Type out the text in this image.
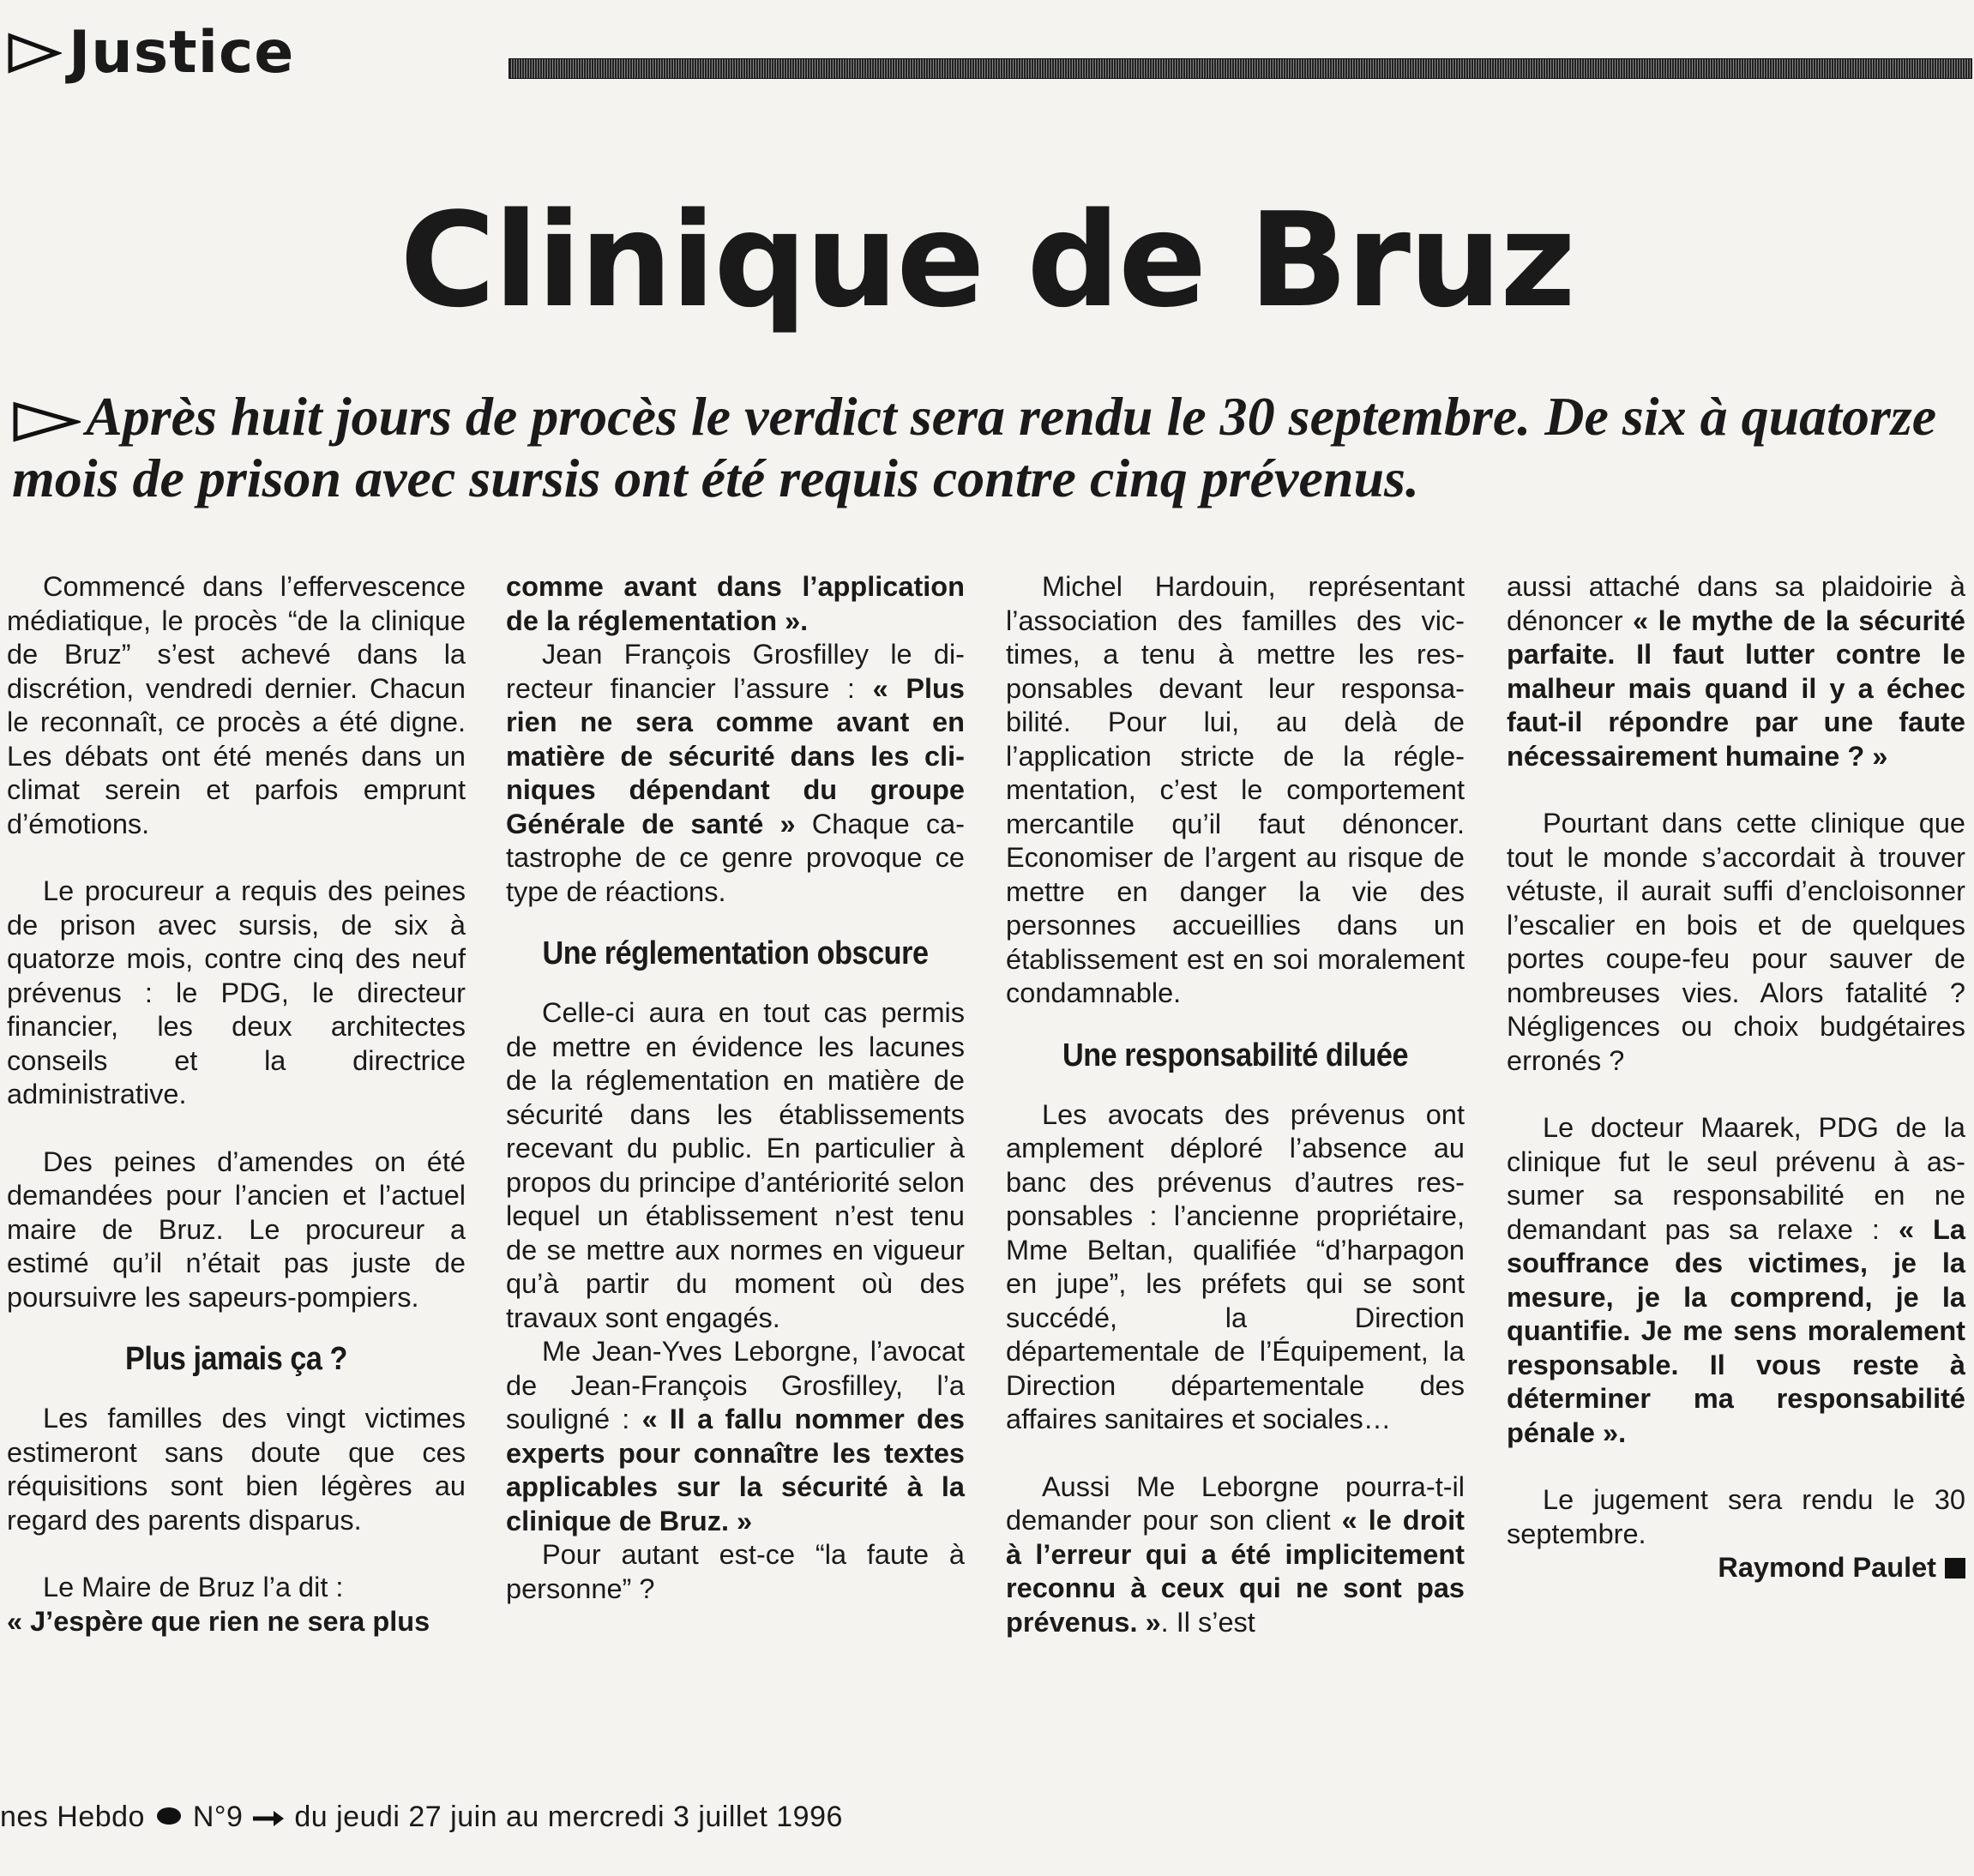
Justice
Clinique de Bruz
Après huit jours de procès le verdict sera rendu le 30 septembre. De six à quatorze mois de prison avec sursis ont été requis contre cinq prévenus.

Commencé dans l’effervescence médiatique, le procès “de la clinique de Bruz” s’est achevé dans la discrétion, vendredi dernier. Chacun le reconnaît, ce procès a été digne. Les débats ont été menés dans un climat serein et parfois emprunt d’émotions.

Le procureur a requis des peines de prison avec sursis, de six à quatorze mois, contre cinq des neuf prévenus : le PDG, le directeur financier, les deux architectes conseils et la directrice administrative.

Des peines d’amendes on été demandées pour l’ancien et l’actuel maire de Bruz. Le procureur a estimé qu’il n’était pas juste de poursuivre les sapeurs-pompiers.

Plus jamais ça ?

Les familles des vingt victimes estimeront sans doute que ces réquisitions sont bien légères au regard des parents disparus.

Le Maire de Bruz l’a dit :
« J’espère que rien ne sera plus

comme avant dans l’application de la réglementation ».

Jean François Grosfilley le directeur financier l’assure : « Plus rien ne sera comme avant en matière de sécurité dans les cliniques dépendant du groupe Générale de santé » Chaque catastrophe de ce genre provoque ce type de réactions.

Une réglementation obscure

Celle-ci aura en tout cas permis de mettre en évidence les lacunes de la réglementation en matière de sécurité dans les établissements recevant du public. En particulier à propos du principe d’antériorité selon lequel un établissement n’est tenu de se mettre aux normes en vigueur qu’à partir du moment où des travaux sont engagés.

Me Jean-Yves Leborgne, l’avocat de Jean-François Grosfilley, l’a souligné : « Il a fallu nommer des experts pour connaître les textes applicables sur la sécurité à la clinique de Bruz. »

Pour autant est-ce “la faute à personne” ?

Michel Hardouin, représentant l’association des familles des victimes, a tenu à mettre les responsables devant leur responsabilité. Pour lui, au delà de l’application stricte de la réglementation, c’est le comportement mercantile qu’il faut dénoncer. Economiser de l’argent au risque de mettre en danger la vie des personnes accueillies dans un établissement est en soi moralement condamnable.

Une responsabilité diluée

Les avocats des prévenus ont amplement déploré l’absence au banc des prévenus d’autres responsables : l’ancienne propriétaire, Mme Beltan, qualifiée “d’harpagon en jupe”, les préfets qui se sont succédé, la Direction départementale de l’Équipement, la Direction départementale des affaires sanitaires et sociales…

Aussi Me Leborgne pourra-t-il demander pour son client « le droit à l’erreur qui a été implicitement reconnu à ceux qui ne sont pas prévenus. ». Il s’est

aussi attaché dans sa plaidoirie à dénoncer « le mythe de la sécurité parfaite. Il faut lutter contre le malheur mais quand il y a échec faut-il répondre par une faute nécessairement humaine ? »

Pourtant dans cette clinique que tout le monde s’accordait à trouver vétuste, il aurait suffi d’encloisonner l’escalier en bois et de quelques portes coupe-feu pour sauver de nombreuses vies. Alors fatalité ? Négligences ou choix budgétaires erronés ?

Le docteur Maarek, PDG de la clinique fut le seul prévenu à assumer sa responsabilité en ne demandant pas sa relaxe : « La souffrance des victimes, je la mesure, je la comprend, je la quantifie. Je me sens moralement responsable. Il vous reste à déterminer ma responsabilité pénale ».

Le jugement sera rendu le 30 septembre.

Raymond Paulet

nes Hebdo N°9 du jeudi 27 juin au mercredi 3 juillet 1996
